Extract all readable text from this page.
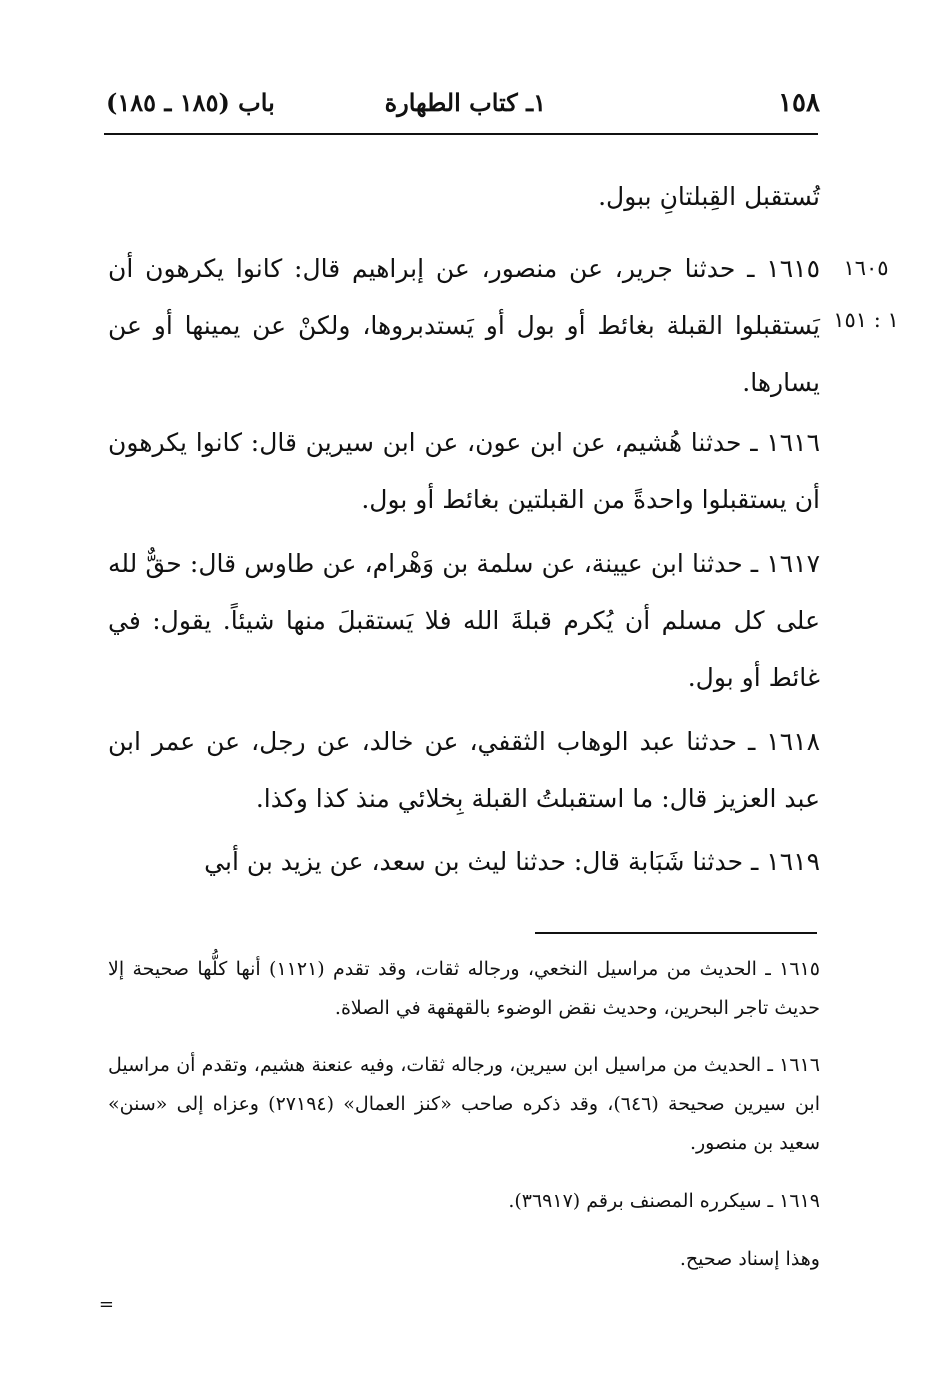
١٥٨
١ـ كتاب الطهارة
باب (١٨٥ ـ ١٨٥)
تُستقبل القِبلتانِ ببول.
١٦٠٥
١ : ١٥١
١٦١٥ ـ حدثنا جرير، عن منصور، عن إبراهيم قال: كانوا يكرهون أن يَستقبلوا القبلة بغائط أو بول أو يَستدبروها، ولكنْ عن يمينها أو عن يسارها.
١٦١٦ ـ حدثنا هُشيم، عن ابن عون، عن ابن سيرين قال: كانوا يكرهون أن يستقبلوا واحدةً من القبلتين بغائط أو بول.
١٦١٧ ـ حدثنا ابن عيينة، عن سلمة بن وَهْرام، عن طاوس قال: حقٌّ لله على كل مسلم أن يُكرم قبلةَ الله فلا يَستقبلَ منها شيئاً. يقول: في غائط أو بول.
١٦١٨ ـ حدثنا عبد الوهاب الثقفي، عن خالد، عن رجل، عن عمر ابن عبد العزيز قال: ما استقبلتُ القبلة بِخلائي منذ كذا وكذا.
١٦١٩ ـ حدثنا شَبَابة قال: حدثنا ليث بن سعد، عن يزيد بن أبي
١٦١٥ ـ الحديث من مراسيل النخعي، ورجاله ثقات، وقد تقدم (١١٢١) أنها كلُّها صحيحة إلا حديث تاجر البحرين، وحديث نقض الوضوء بالقهقهة في الصلاة.
١٦١٦ ـ الحديث من مراسيل ابن سيرين، ورجاله ثقات، وفيه عنعنة هشيم، وتقدم أن مراسيل ابن سيرين صحيحة (٦٤٦)، وقد ذكره صاحب «كنز العمال» (٢٧١٩٤) وعزاه إلى «سنن» سعيد بن منصور.
١٦١٩ ـ سيكرره المصنف برقم (٣٦٩١٧).
وهذا إسناد صحيح.
=
